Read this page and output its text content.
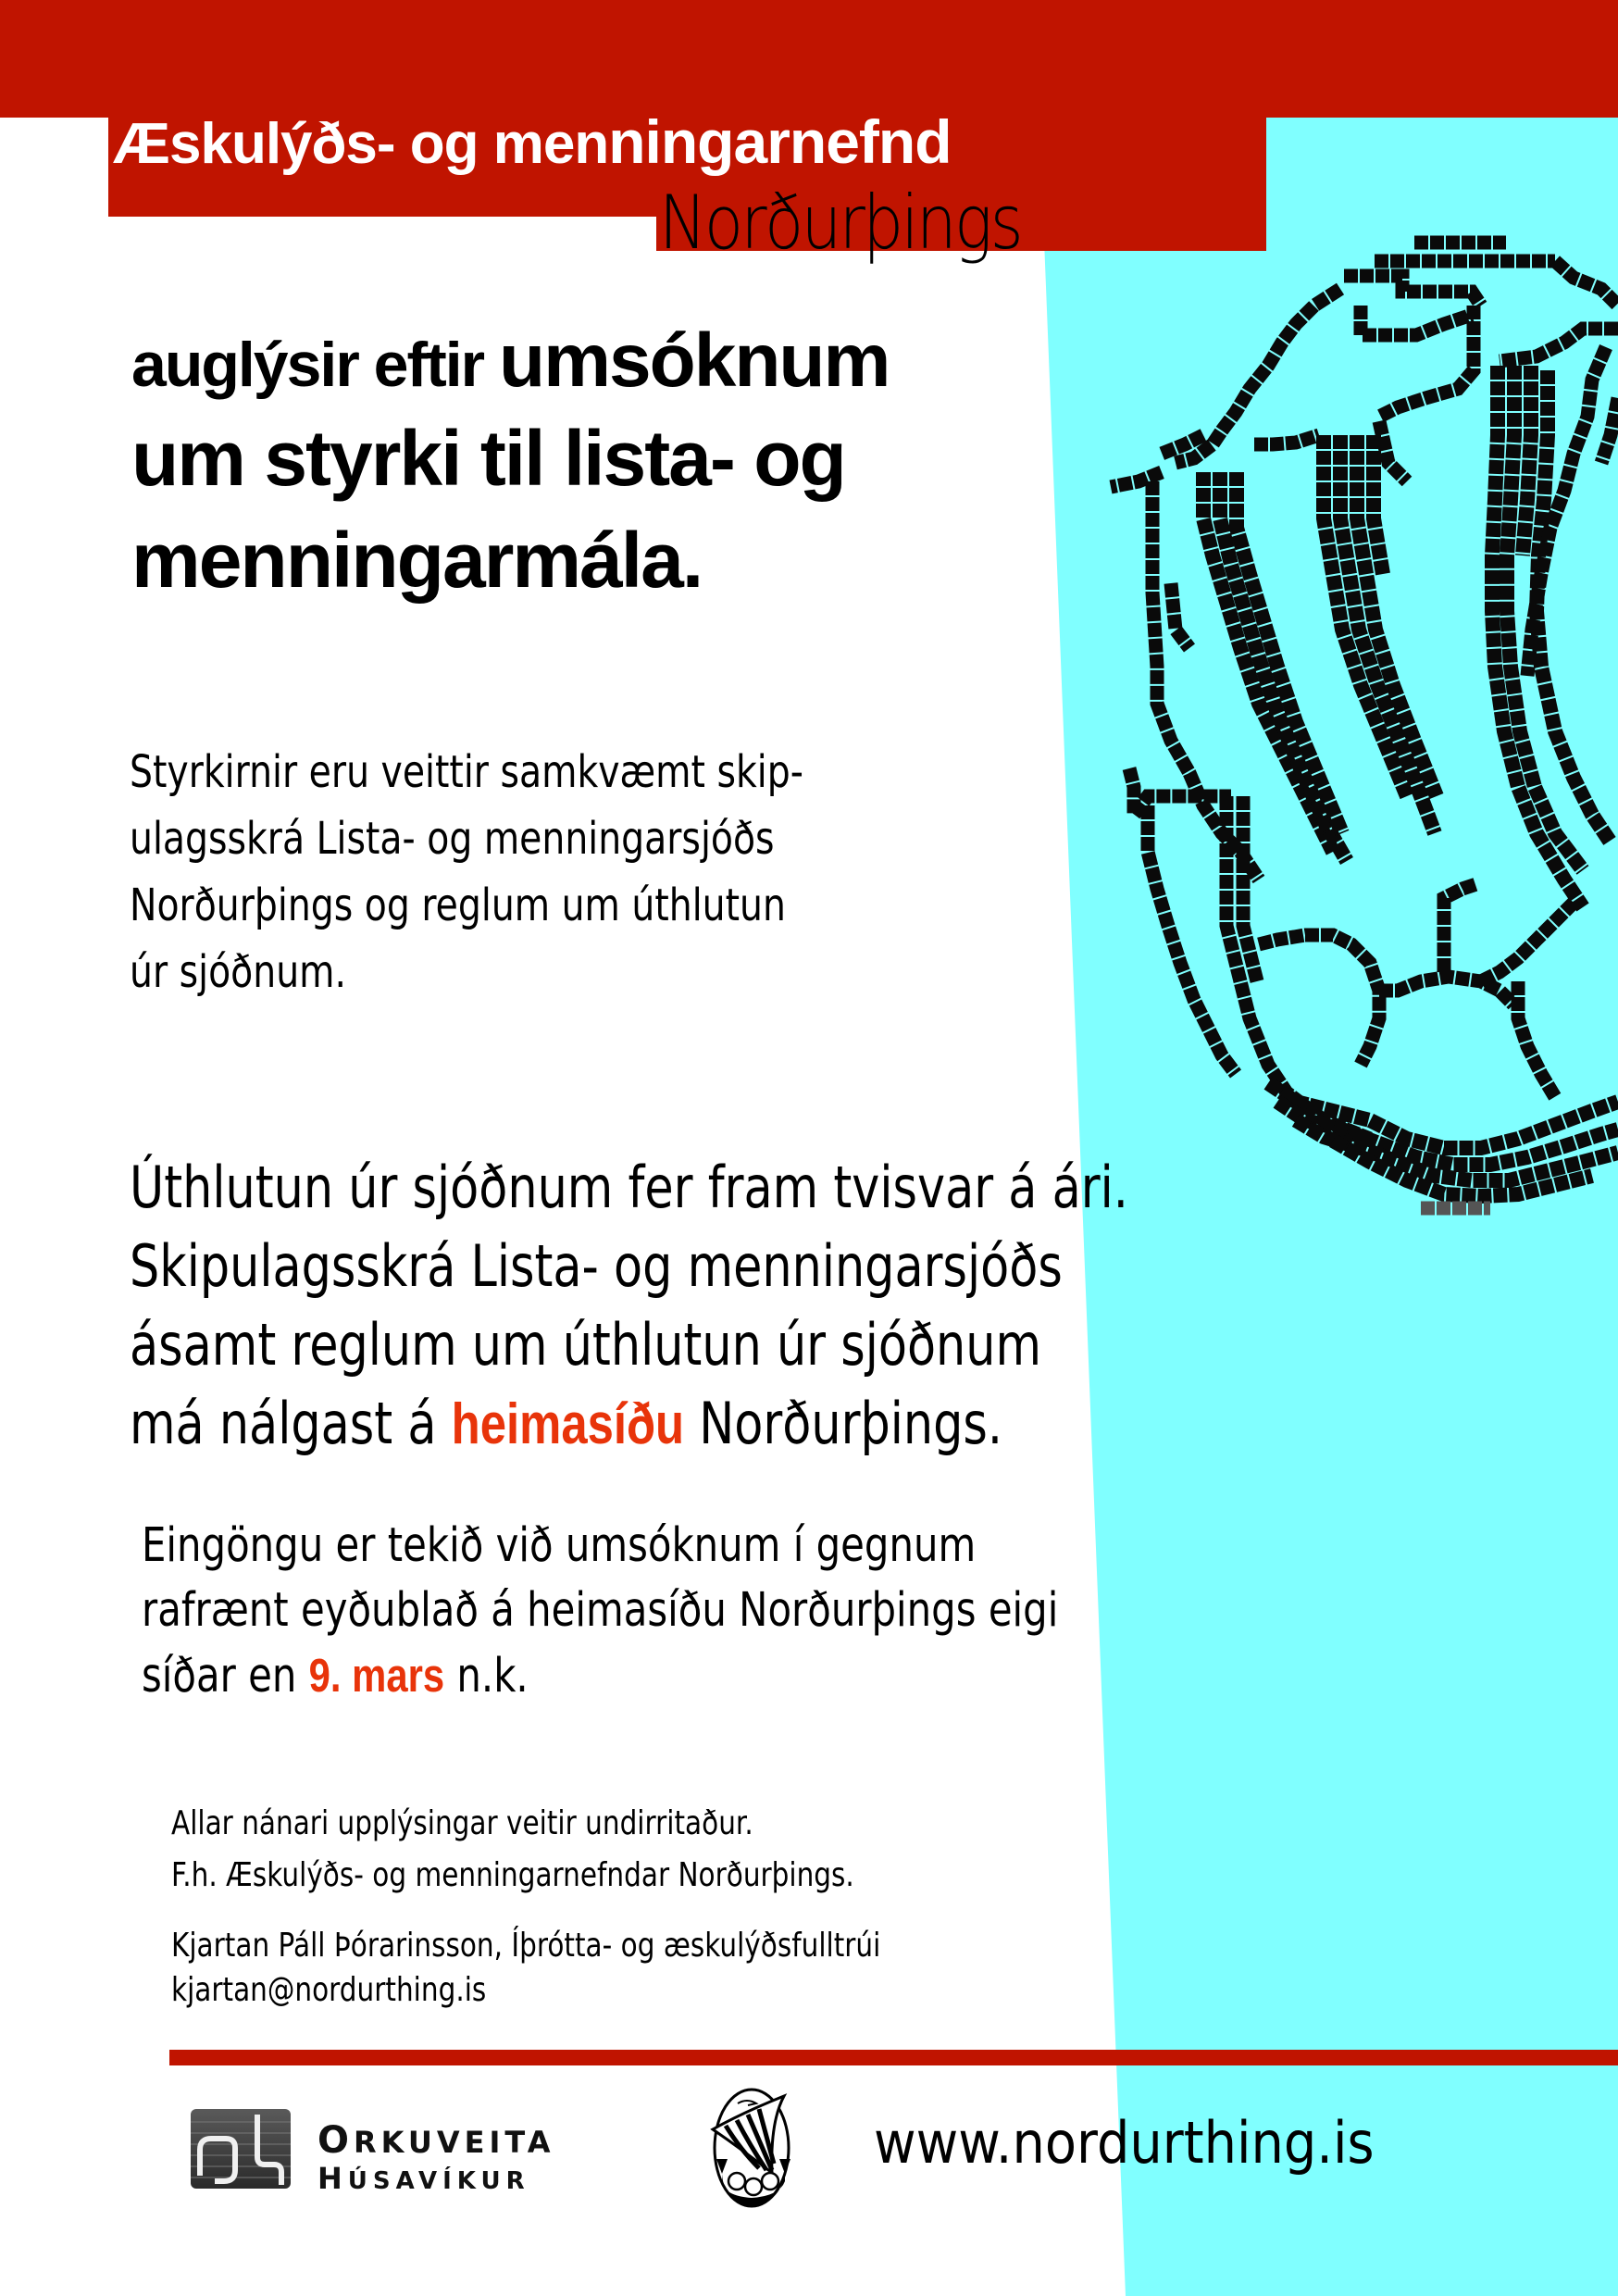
Æskulýðs- og menningarnefnd
Norðurþings
auglýsir eftir umsóknum
um styrki til lista- og
menningarmála.
Styrkirnir eru veittir samkvæmt skip-
ulagsskrá Lista- og menningarsjóðs
Norðurþings og reglum um úthlutun
úr sjóðnum.
Úthlutun úr sjóðnum fer fram tvisvar á ári.
Skipulagsskrá Lista- og menningarsjóðs
ásamt reglum um úthlutun úr sjóðnum
má nálgast á heimasíðu Norðurþings.
Eingöngu er tekið við umsóknum í gegnum
rafrænt eyðublað á heimasíðu Norðurþings eigi
síðar en 9. mars n.k.
Allar nánari upplýsingar veitir undirritaður.
F.h. Æskulýðs- og menningarnefndar Norðurþings.
Kjartan Páll Þórarinsson, Íþrótta- og æskulýðsfulltrúi
kjartan@nordurthing.is
ORKUVEITA
HÚSAVÍKUR
www.nordurthing.is
